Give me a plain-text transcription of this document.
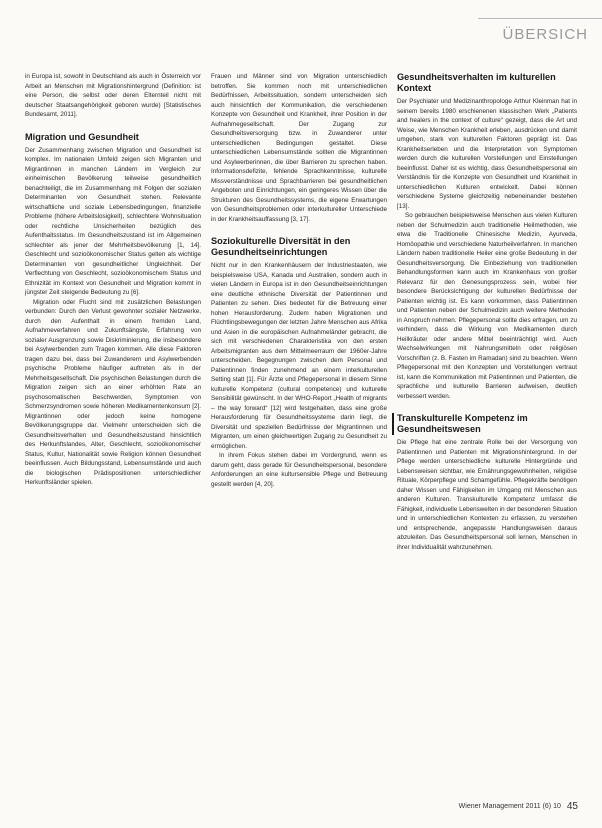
ÜBERSICH

in Europa ist, sowohl in Deutschland als auch in Österreich vor Arbeit an Menschen mit Migrationshintergrund (Definition: ist eine Person, die selbst oder deren Elternteil nicht mit deutscher Staatsangehörigkeit geboren wurde) [Statistisches Bundesamt, 2011].

Migration und Gesundheit

Der Zusammenhang zwischen Migration und Gesundheit ist komplex. Im nationalen Umfeld zeigen sich Migranten und Migrantinnen in manchen Ländern im Vergleich zur einheimischen Bevölkerung teilweise gesundheitlich benachteiligt, die im Zusammenhang mit Folgen der sozialen Determinanten von Gesundheit stehen. Relevante wirtschaftliche und soziale Lebensbedingungen, finanzielle Probleme (höhere Arbeitslosigkeit), schlechtere Wohnsituation oder rechtliche Unsicherheiten bezüglich des Aufenthaltsstatus. Im Gesundheitszustand ist im Allgemeinen schlechter als jener der Mehrheitsbevölkerung [1, 14]. Geschlecht und sozioökonomischer Status gelten als wichtige Determinanten von gesundheitlicher Ungleichheit. Der Verflechtung von Geschlecht, sozioökonomischem Status und Ethnizität im Kontext von Gesundheit und Migration kommt in jüngster Zeit steigende Bedeutung zu [6].

Migration oder Flucht sind mit zusätzlichen Belastungen verbunden: Durch den Verlust gewohnter sozialer Netzwerke, durch den Aufenthalt in einem fremden Land, Aufnahmeverfahren und Zukunftsängste, Erfahrung von sozialer Ausgrenzung sowie Diskriminierung, die insbesondere bei Asylwerbenden zum Tragen kommen. Alle diese Faktoren tragen dazu bei, dass bei Zuwanderern und Asylwerbenden psychische Probleme häufiger auftreten als in der Mehrheitsgesellschaft. Die psychischen Belastungen durch die Migration zeigen sich an einer erhöhten Rate an psychosomatischen Beschwerden, Symptomen von Schmerzsyndromen sowie höheren Medikamentenkonsum [2]. Migrantinnen oder jedoch keine homogene Bevölkerungsgruppe dar. Vielmehr unterscheiden sich die Gesundheitsverhalten und Gesundheitszustand hinsichtlich des Herkunftslandes, Alter, Geschlecht, sozioökonomischer Status, Kultur, Nationalität sowie Religion können Gesundheit beeinflussen. Auch Bildungsstand, Lebensumstände und auch die biologischen Prädispositionen unterschiedlicher Herkunftsländer spielen.

Frauen und Männer sind von Migration unterschiedlich betroffen. Sie kommen noch mit unterschiedlichen Bedürfnissen, Arbeitssituation, sondern unterscheiden sich auch hinsichtlich der Kommunikation, die verschiedenen Konzepte von Gesundheit und Krankheit, ihrer Position in der Aufnahmegesellschaft. Der Zugang zur Gesundheitsversorgung bzw. in Zuwanderer unter unterschiedlichen Bedingungen gestaltet. Diese unterschiedlichen Lebensumstände sollten die Migrantinnen und Asylwerberinnen, die über Barrieren zu sprechen haben. Informationsdefizite, fehlende Sprachkenntnisse, kulturelle Missverständnisse und Sprachbarrieren bei gesundheitlichen Angeboten und Einrichtungen, ein geringeres Wissen über die Strukturen des Gesundheitssystems, die eigene Erwartungen von Gesundheitsproblemen oder interkultureller Unterschiede in der Krankheitsauffassung [3, 17].

Soziokulturelle Diversität in den Gesundheitseinrichtungen

Nicht nur in den Krankenhäusern der Industriestaaten, wie beispielsweise USA, Kanada und Australien, sondern auch in vielen Ländern in Europa ist in den Gesundheitseinrichtungen eine deutliche ethnische Diversität der Patientinnen und Patienten zu sehen. Dies bedeutet für die Betreuung einer hohen Herausforderung. Zudem haben Migrationen und Flüchtlingsbewegungen der letzten Jahre Menschen aus Afrika und Asien in die europäischen Aufnahmeländer gebracht, die sich mit verschiedenen Charakteristika von den ersten Arbeitsmigranten aus dem Mittelmeerraum der 1960er-Jahre unterscheiden. Begegnungen zwischen dem Personal und Patientinnen finden zunehmend an einem interkulturellen Setting statt [1]. Für Ärzte und Pflegepersonal in diesem Sinne kulturelle Kompetenz (cultural competence) und kulturelle Sensibilität gewünscht. In der WHO-Report „Health of migrants – the way forward“ [12] wird festgehalten, dass eine große Herausforderung für Gesundheitssysteme darin liegt, die Diversität und speziellen Bedürfnisse der Migrantinnen und Migranten, um einen gleichwertigen Zugang zu Gesundheit zu ermöglichen.

In ihrem Fokus stehen dabei im Vordergrund, wenn es darum geht, dass gerade für Gesundheitspersonal, besondere Anforderungen an eine kultursensible Pflege und Betreuung gestellt werden [4, 20].

Gesundheitsverhalten im kulturellen Kontext

Der Psychiater und Medizinanthropologe Arthur Kleinman hat in seinem bereits 1980 erschienenen klassischen Werk „Patients and healers in the context of culture“ gezeigt, dass die Art und Weise, wie Menschen Krankheit erleben, ausdrücken und damit umgehen, stark von kulturellen Faktoren geprägt ist. Das Krankheitserleben und die Interpretation von Symptomen werden durch die kulturellen Vorstellungen und Einstellungen beeinflusst. Daher ist es wichtig, dass Gesundheitspersonal ein Verständnis für die Konzepte von Gesundheit und Krankheit in unterschiedlichen Kulturen entwickelt. Dabei können verschiedene Systeme gleichzeitig nebeneinander bestehen [13].

So gebrauchen beispielsweise Menschen aus vielen Kulturen neben der Schulmedizin auch traditionelle Heilmethoden, wie etwa die Traditionelle Chinesische Medizin, Ayurveda, Homöopathie und verschiedene Naturheilverfahren. In manchen Ländern haben traditionelle Heiler eine große Bedeutung in der Gesundheitsversorgung. Die Einbeziehung von traditionellen Behandlungsformen kann auch im Krankenhaus von großer Relevanz für den Genesungsprozess sein, wobei hier besondere Berücksichtigung der kulturellen Bedürfnisse der Patienten wichtig ist. Es kann vorkommen, dass Patientinnen und Patienten neben der Schulmedizin auch weitere Methoden in Anspruch nehmen. Pflegepersonal sollte dies erfragen, um zu verhindern, dass die Wirkung von Medikamenten durch Heilkräuter oder andere Mittel beeinträchtigt wird. Auch Wechselwirkungen mit Nahrungsmitteln oder religiösen Vorschriften (z. B. Fasten im Ramadan) sind zu beachten. Wenn Pflegepersonal mit den Konzepten und Vorstellungen vertraut ist, kann die Kommunikation mit Patientinnen und Patienten, die sprachliche und kulturelle Barrieren aufweisen, deutlich verbessert werden.

Transkulturelle Kompetenz im Gesundheitswesen

Die Pflege hat eine zentrale Rolle bei der Versorgung von Patientinnen und Patienten mit Migrationshintergrund. In der Pflege werden unterschiedliche kulturelle Hintergründe und Lebensweisen sichtbar, wie Ernährungsgewohnheiten, religiöse Rituale, Körperpflege und Schamgefühle. Pflegekräfte benötigen daher Wissen und Fähigkeiten im Umgang mit Menschen aus anderen Kulturen. Transkulturelle Kompetenz umfasst die Fähigkeit, individuelle Lebenswelten in der besonderen Situation und in unterschiedlichen Kontexten zu erfassen, zu verstehen und entsprechende, angepasste Handlungsweisen daraus abzuleiten. Das Gesundheitspersonal soll lernen, Menschen in ihrer Individualität wahrzunehmen.

Wiener Management 2011 (6) 10 45
